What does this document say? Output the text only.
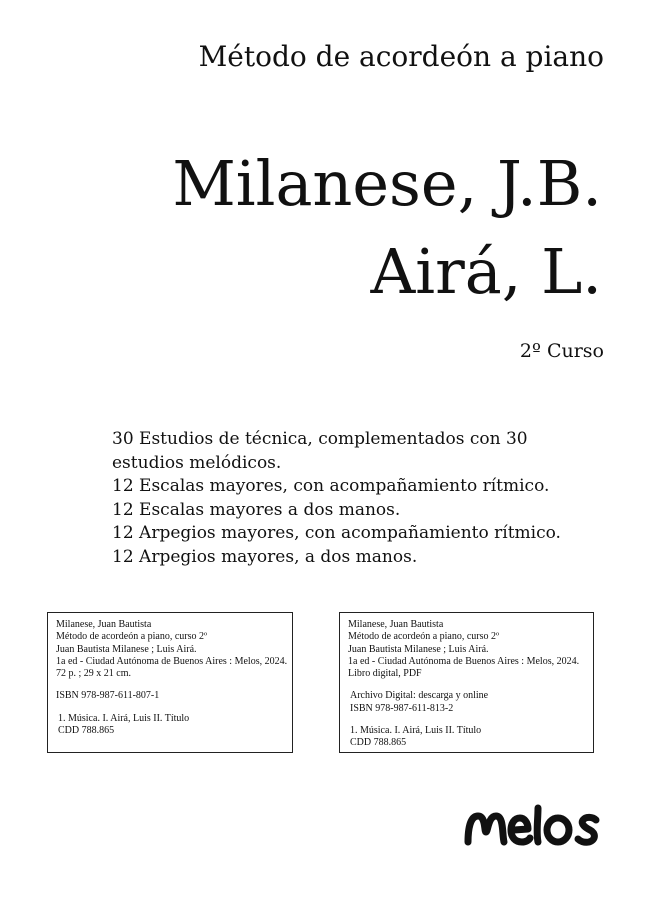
Método de acordeón a piano
Milanese, J.B.
Airá, L.
2º Curso
30 Estudios de técnica, complementados con 30 estudios melódicos.
12 Escalas mayores, con acompañamiento rítmico.
12 Escalas mayores a dos manos.
12 Arpegios mayores, con acompañamiento rítmico.
12 Arpegios mayores, a dos manos.
Milanese, Juan Bautista
Método de acordeón a piano, curso 2º
Juan Bautista Milanese ; Luis Airá.
1a ed - Ciudad Autónoma de Buenos Aires : Melos, 2024.
72 p. ; 29 x 21 cm.
ISBN 978-987-611-807-1
1. Música. I. Airá, Luis II. Título
CDD 788.865
Milanese, Juan Bautista
Método de acordeón a piano, curso 2º
Juan Bautista Milanese ; Luis Airá.
1a ed - Ciudad Autónoma de Buenos Aires : Melos, 2024.
Libro digital, PDF
Archivo Digital: descarga y online
ISBN 978-987-611-813-2
1. Música. I. Airá, Luis II. Título
CDD 788.865
